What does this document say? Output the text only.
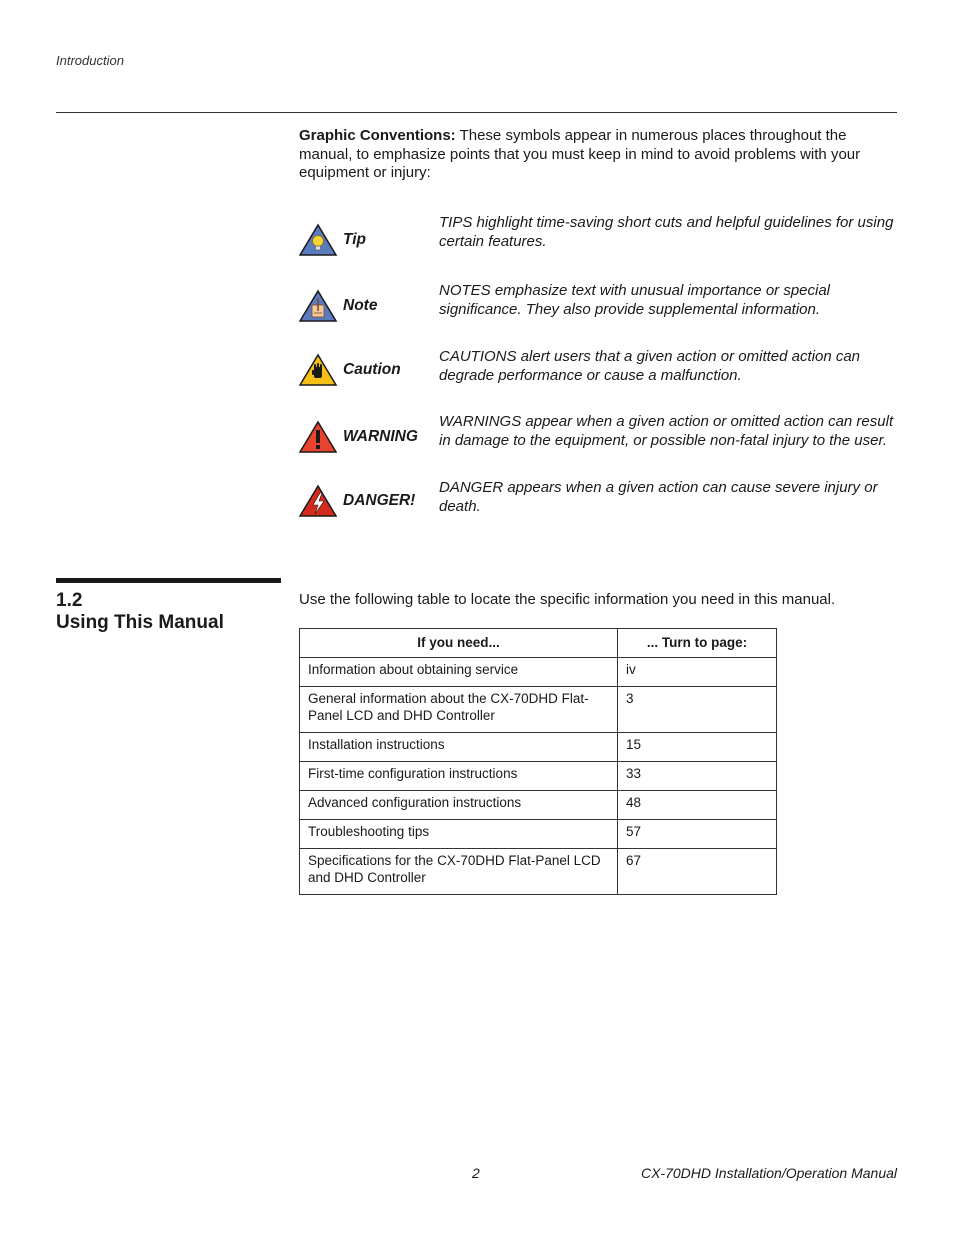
Introduction
Graphic Conventions: These symbols appear in numerous places throughout the manual, to emphasize points that you must keep in mind to avoid problems with your equipment or injury:
Tip
TIPS highlight time-saving short cuts and helpful guidelines for using certain features.
Note
NOTES emphasize text with unusual importance or special significance. They also provide supplemental information.
Caution
CAUTIONS alert users that a given action or omitted action can degrade performance or cause a malfunction.
WARNING
WARNINGS appear when a given action or omitted action can result in damage to the equipment, or possible non-fatal injury to the user.
DANGER!
DANGER appears when a given action can cause severe injury or death.
1.2
Using This Manual
Use the following table to locate the specific information you need in this manual.
If you need...	... Turn to page:
Information about obtaining service	iv
General information about the CX-70DHD Flat-Panel LCD and DHD Controller	3
Installation instructions	15
First-time configuration instructions	33
Advanced configuration instructions	48
Troubleshooting tips	57
Specifications for the CX-70DHD Flat-Panel LCD and DHD Controller	67
2	CX-70DHD Installation/Operation Manual
